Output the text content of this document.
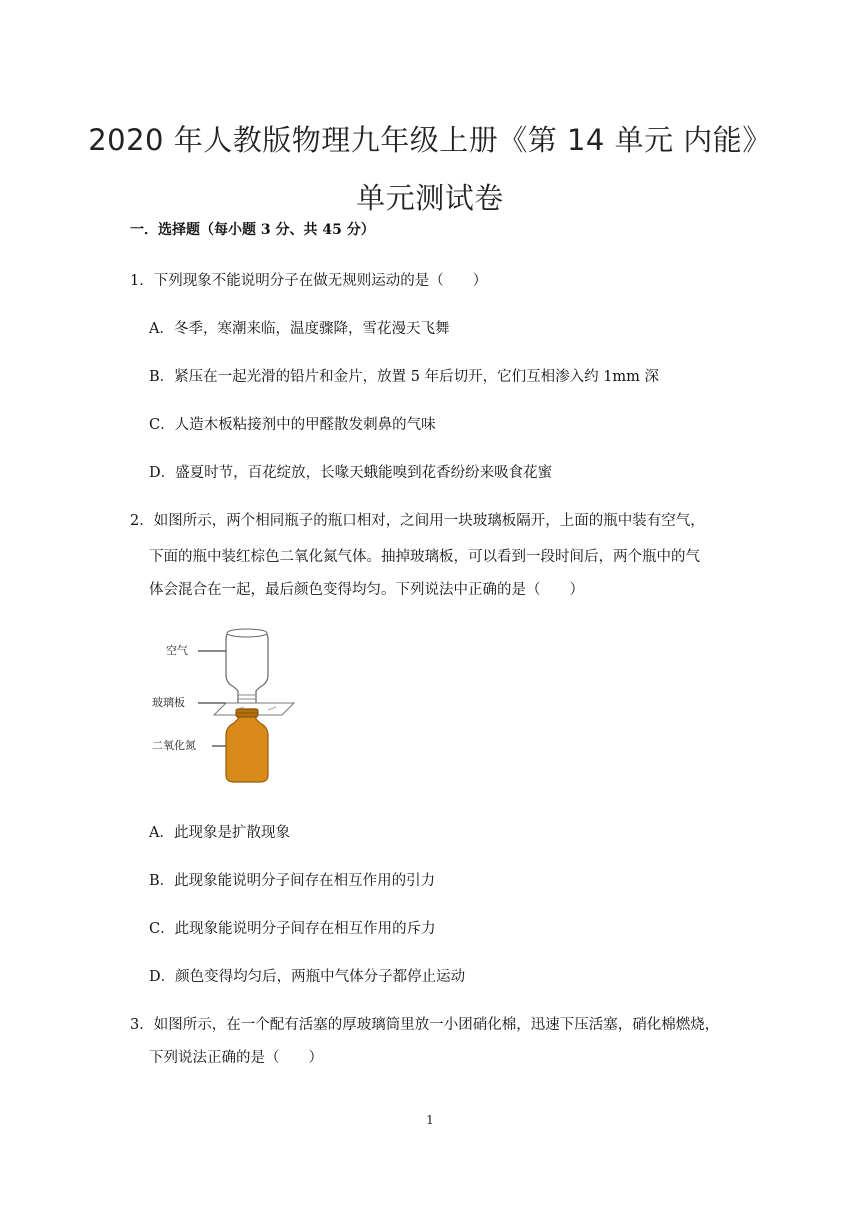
2020 年人教版物理九年级上册《第 14 单元 内能》
单元测试卷
一．选择题（每小题 3 分、共 45 分）
1．下列现象不能说明分子在做无规则运动的是（　　）
A．冬季，寒潮来临，温度骤降，雪花漫天飞舞
B．紧压在一起光滑的铅片和金片，放置 5 年后切开，它们互相渗入约 1mm 深
C．人造木板粘接剂中的甲醛散发刺鼻的气味
D．盛夏时节，百花绽放，长喙天蛾能嗅到花香纷纷来吸食花蜜
2．如图所示，两个相同瓶子的瓶口相对，之间用一块玻璃板隔开，上面的瓶中装有空气，
下面的瓶中装红棕色二氧化氮气体。抽掉玻璃板，可以看到一段时间后，两个瓶中的气
体会混合在一起，最后颜色变得均匀。下列说法中正确的是（　　）
空气
玻璃板
二氧化氮
A．此现象是扩散现象
B．此现象能说明分子间存在相互作用的引力
C．此现象能说明分子间存在相互作用的斥力
D．颜色变得均匀后，两瓶中气体分子都停止运动
3．如图所示，在一个配有活塞的厚玻璃筒里放一小团硝化棉，迅速下压活塞，硝化棉燃烧，
下列说法正确的是（　　）
1
